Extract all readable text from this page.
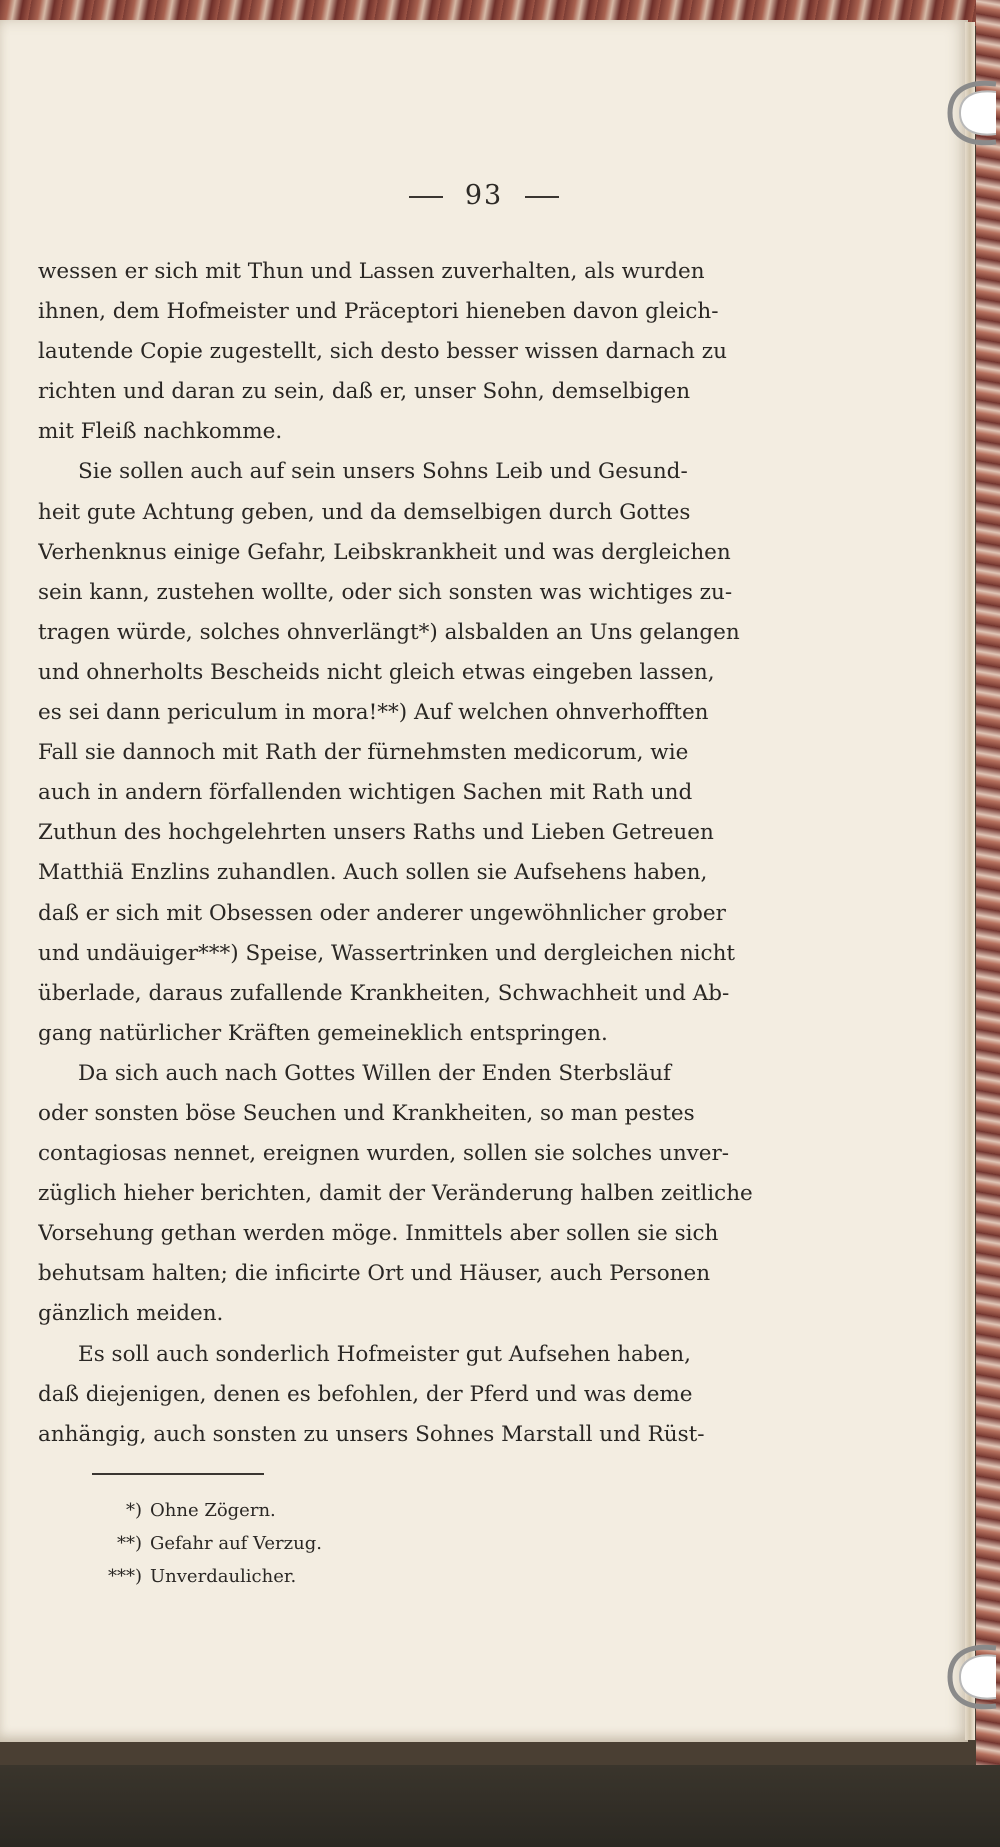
93
wessen er sich mit Thun und Lassen zuverhalten, als wurden
ihnen, dem Hofmeister und Präceptori hieneben davon gleich-
lautende Copie zugestellt, sich desto besser wissen darnach zu
richten und daran zu sein, daß er, unser Sohn, demselbigen
mit Fleiß nachkomme.
Sie sollen auch auf sein unsers Sohns Leib und Gesund-
heit gute Achtung geben, und da demselbigen durch Gottes
Verhenknus einige Gefahr, Leibskrankheit und was dergleichen
sein kann, zustehen wollte, oder sich sonsten was wichtiges zu-
tragen würde, solches ohnverlängt*) alsbalden an Uns gelangen
und ohnerholts Bescheids nicht gleich etwas eingeben lassen,
es sei dann periculum in mora!**) Auf welchen ohnverhofften
Fall sie dannoch mit Rath der fürnehmsten medicorum, wie
auch in andern förfallenden wichtigen Sachen mit Rath und
Zuthun des hochgelehrten unsers Raths und Lieben Getreuen
Matthiä Enzlins zuhandlen. Auch sollen sie Aufsehens haben,
daß er sich mit Obsessen oder anderer ungewöhnlicher grober
und undäuiger***) Speise, Wassertrinken und dergleichen nicht
überlade, daraus zufallende Krankheiten, Schwachheit und Ab-
gang natürlicher Kräften gemeineklich entspringen.
Da sich auch nach Gottes Willen der Enden Sterbsläuf
oder sonsten böse Seuchen und Krankheiten, so man pestes
contagiosas nennet, ereignen wurden, sollen sie solches unver-
züglich hieher berichten, damit der Veränderung halben zeitliche
Vorsehung gethan werden möge. Inmittels aber sollen sie sich
behutsam halten; die inficirte Ort und Häuser, auch Personen
gänzlich meiden.
Es soll auch sonderlich Hofmeister gut Aufsehen haben,
daß diejenigen, denen es befohlen, der Pferd und was deme
anhängig, auch sonsten zu unsers Sohnes Marstall und Rüst-
*) Ohne Zögern.
**) Gefahr auf Verzug.
***) Unverdaulicher.
